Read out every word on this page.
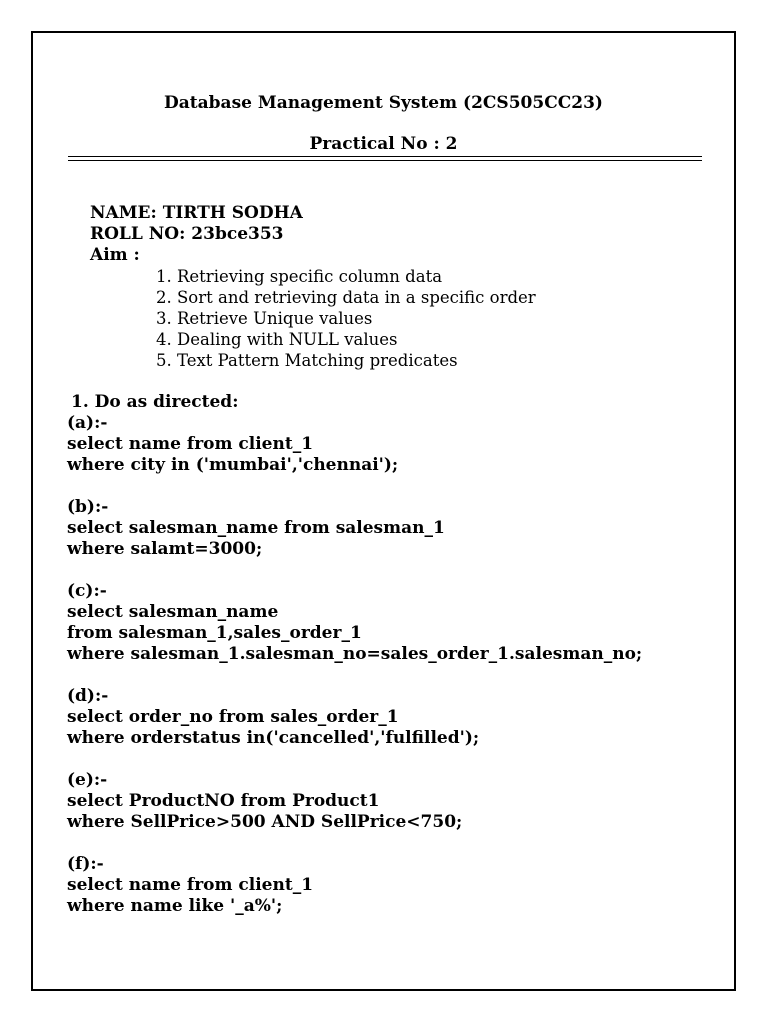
Database Management System (2CS505CC23)
Practical No : 2
NAME: TIRTH SODHA
ROLL NO: 23bce353
Aim :
1. Retrieving specific column data
2. Sort and retrieving data in a specific order
3. Retrieve Unique values
4. Dealing with NULL values
5. Text Pattern Matching predicates
1. Do as directed:
(a):-
select name from client_1
where city in ('mumbai','chennai');
(b):-
select salesman_name from salesman_1
where salamt=3000;
(c):-
select salesman_name
from salesman_1,sales_order_1
where salesman_1.salesman_no=sales_order_1.salesman_no;
(d):-
select order_no from sales_order_1
where orderstatus in('cancelled','fulfilled');
(e):-
select ProductNO from Product1
where SellPrice>500 AND SellPrice<750;
(f):-
select name from client_1
where name like '_a%';
